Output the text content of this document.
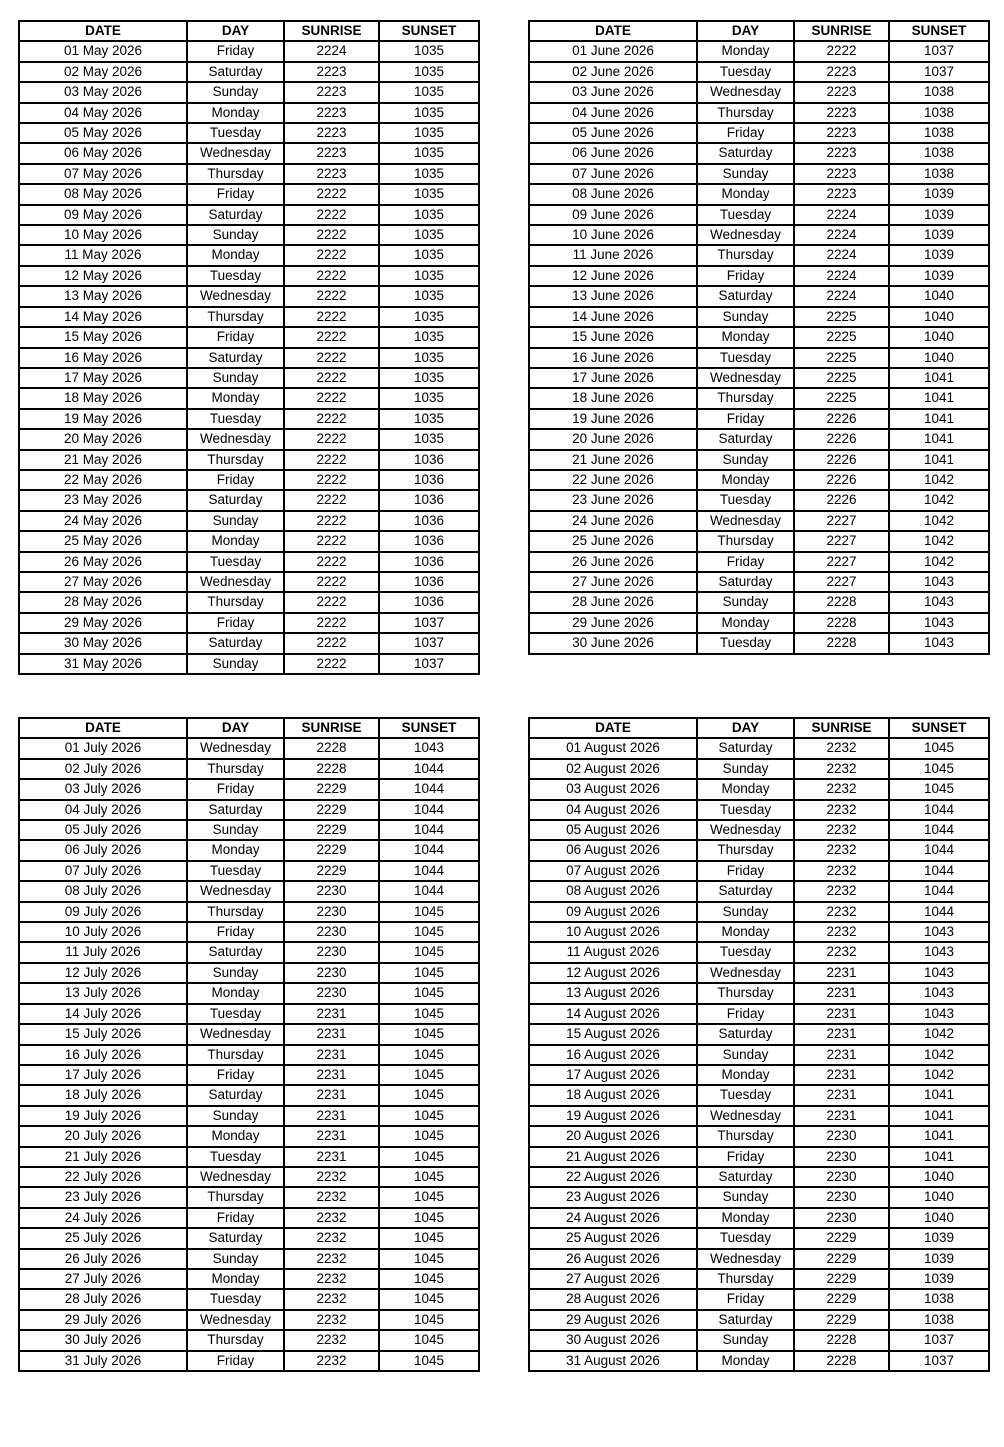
DATE	DAY	SUNRISE	SUNSET
01 May 2026	Friday	2224	1035
02 May 2026	Saturday	2223	1035
03 May 2026	Sunday	2223	1035
04 May 2026	Monday	2223	1035
05 May 2026	Tuesday	2223	1035
06 May 2026	Wednesday	2223	1035
07 May 2026	Thursday	2223	1035
08 May 2026	Friday	2222	1035
09 May 2026	Saturday	2222	1035
10 May 2026	Sunday	2222	1035
11 May 2026	Monday	2222	1035
12 May 2026	Tuesday	2222	1035
13 May 2026	Wednesday	2222	1035
14 May 2026	Thursday	2222	1035
15 May 2026	Friday	2222	1035
16 May 2026	Saturday	2222	1035
17 May 2026	Sunday	2222	1035
18 May 2026	Monday	2222	1035
19 May 2026	Tuesday	2222	1035
20 May 2026	Wednesday	2222	1035
21 May 2026	Thursday	2222	1036
22 May 2026	Friday	2222	1036
23 May 2026	Saturday	2222	1036
24 May 2026	Sunday	2222	1036
25 May 2026	Monday	2222	1036
26 May 2026	Tuesday	2222	1036
27 May 2026	Wednesday	2222	1036
28 May 2026	Thursday	2222	1036
29 May 2026	Friday	2222	1037
30 May 2026	Saturday	2222	1037
31 May 2026	Sunday	2222	1037
DATE	DAY	SUNRISE	SUNSET
01 June 2026	Monday	2222	1037
02 June 2026	Tuesday	2223	1037
03 June 2026	Wednesday	2223	1038
04 June 2026	Thursday	2223	1038
05 June 2026	Friday	2223	1038
06 June 2026	Saturday	2223	1038
07 June 2026	Sunday	2223	1038
08 June 2026	Monday	2223	1039
09 June 2026	Tuesday	2224	1039
10 June 2026	Wednesday	2224	1039
11 June 2026	Thursday	2224	1039
12 June 2026	Friday	2224	1039
13 June 2026	Saturday	2224	1040
14 June 2026	Sunday	2225	1040
15 June 2026	Monday	2225	1040
16 June 2026	Tuesday	2225	1040
17 June 2026	Wednesday	2225	1041
18 June 2026	Thursday	2225	1041
19 June 2026	Friday	2226	1041
20 June 2026	Saturday	2226	1041
21 June 2026	Sunday	2226	1041
22 June 2026	Monday	2226	1042
23 June 2026	Tuesday	2226	1042
24 June 2026	Wednesday	2227	1042
25 June 2026	Thursday	2227	1042
26 June 2026	Friday	2227	1042
27 June 2026	Saturday	2227	1043
28 June 2026	Sunday	2228	1043
29 June 2026	Monday	2228	1043
30 June 2026	Tuesday	2228	1043
DATE	DAY	SUNRISE	SUNSET
01 July 2026	Wednesday	2228	1043
02 July 2026	Thursday	2228	1044
03 July 2026	Friday	2229	1044
04 July 2026	Saturday	2229	1044
05 July 2026	Sunday	2229	1044
06 July 2026	Monday	2229	1044
07 July 2026	Tuesday	2229	1044
08 July 2026	Wednesday	2230	1044
09 July 2026	Thursday	2230	1045
10 July 2026	Friday	2230	1045
11 July 2026	Saturday	2230	1045
12 July 2026	Sunday	2230	1045
13 July 2026	Monday	2230	1045
14 July 2026	Tuesday	2231	1045
15 July 2026	Wednesday	2231	1045
16 July 2026	Thursday	2231	1045
17 July 2026	Friday	2231	1045
18 July 2026	Saturday	2231	1045
19 July 2026	Sunday	2231	1045
20 July 2026	Monday	2231	1045
21 July 2026	Tuesday	2231	1045
22 July 2026	Wednesday	2232	1045
23 July 2026	Thursday	2232	1045
24 July 2026	Friday	2232	1045
25 July 2026	Saturday	2232	1045
26 July 2026	Sunday	2232	1045
27 July 2026	Monday	2232	1045
28 July 2026	Tuesday	2232	1045
29 July 2026	Wednesday	2232	1045
30 July 2026	Thursday	2232	1045
31 July 2026	Friday	2232	1045
DATE	DAY	SUNRISE	SUNSET
01 August 2026	Saturday	2232	1045
02 August 2026	Sunday	2232	1045
03 August 2026	Monday	2232	1045
04 August 2026	Tuesday	2232	1044
05 August 2026	Wednesday	2232	1044
06 August 2026	Thursday	2232	1044
07 August 2026	Friday	2232	1044
08 August 2026	Saturday	2232	1044
09 August 2026	Sunday	2232	1044
10 August 2026	Monday	2232	1043
11 August 2026	Tuesday	2232	1043
12 August 2026	Wednesday	2231	1043
13 August 2026	Thursday	2231	1043
14 August 2026	Friday	2231	1043
15 August 2026	Saturday	2231	1042
16 August 2026	Sunday	2231	1042
17 August 2026	Monday	2231	1042
18 August 2026	Tuesday	2231	1041
19 August 2026	Wednesday	2231	1041
20 August 2026	Thursday	2230	1041
21 August 2026	Friday	2230	1041
22 August 2026	Saturday	2230	1040
23 August 2026	Sunday	2230	1040
24 August 2026	Monday	2230	1040
25 August 2026	Tuesday	2229	1039
26 August 2026	Wednesday	2229	1039
27 August 2026	Thursday	2229	1039
28 August 2026	Friday	2229	1038
29 August 2026	Saturday	2229	1038
30 August 2026	Sunday	2228	1037
31 August 2026	Monday	2228	1037
